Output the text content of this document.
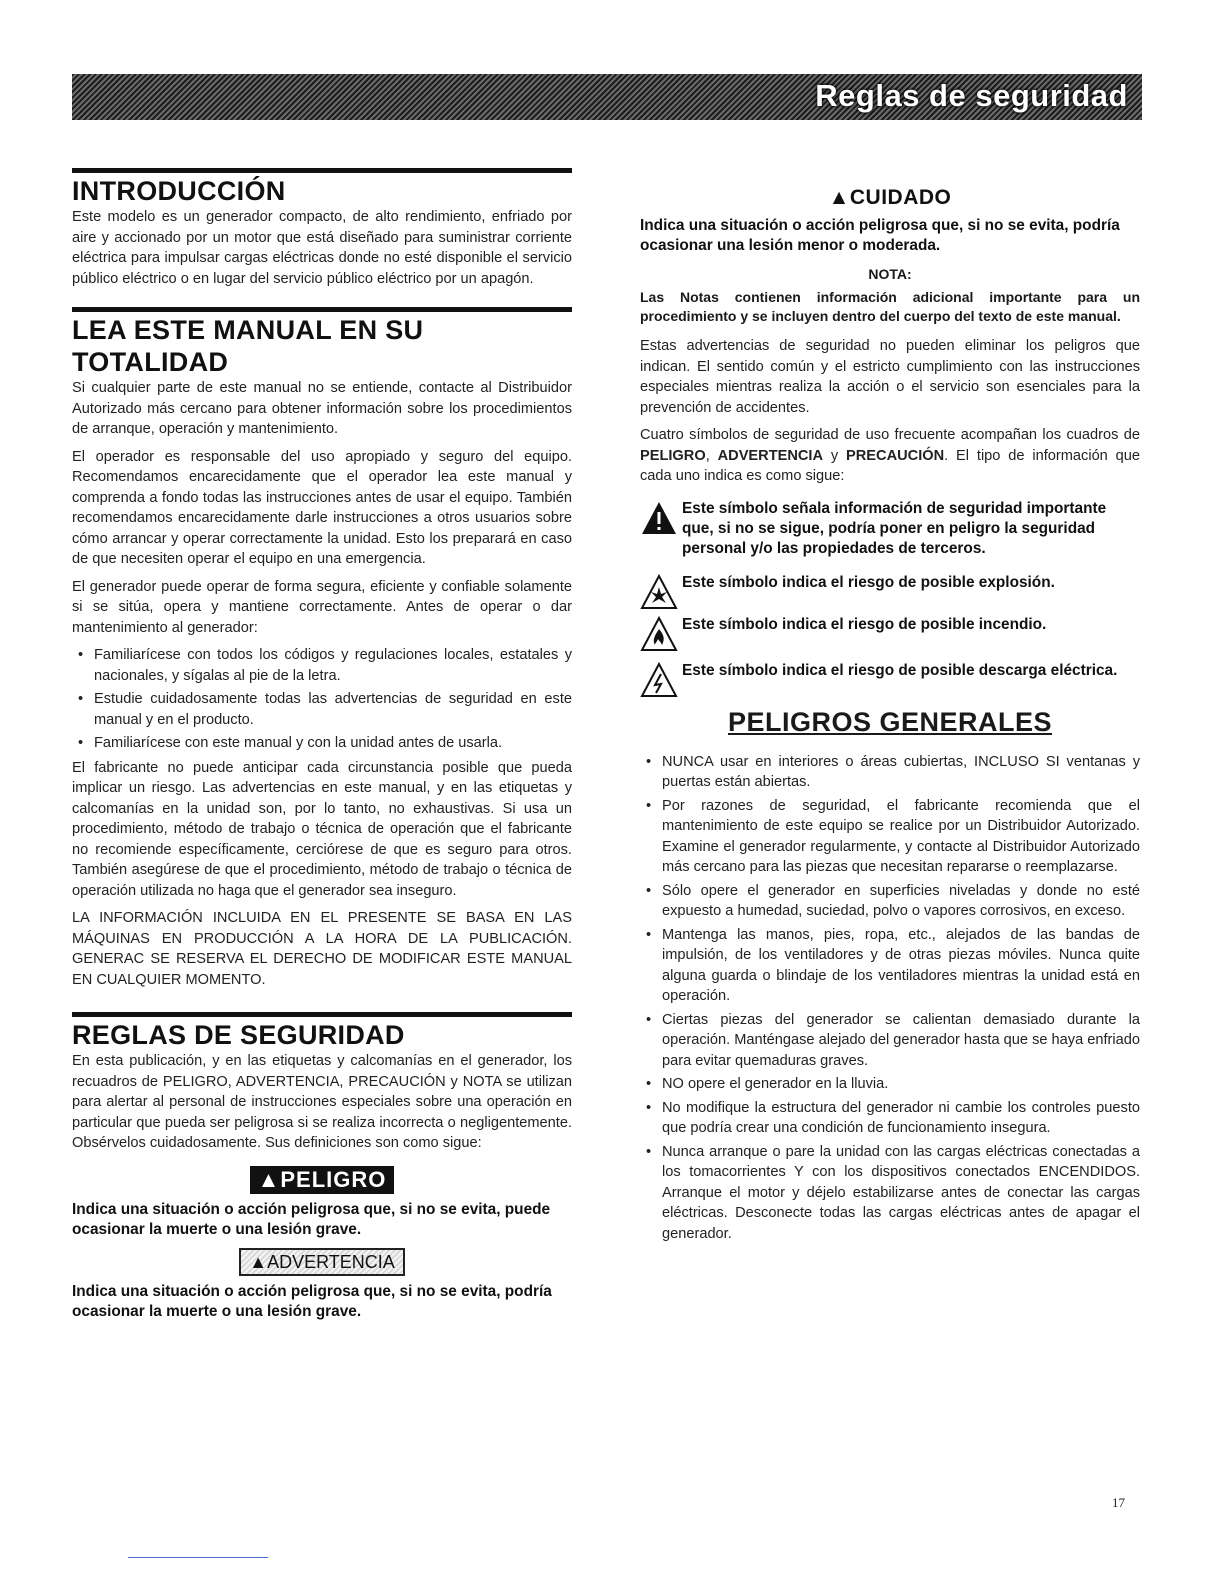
Reglas de seguridad
INTRODUCCIÓN

Este modelo es un generador compacto, de alto rendimiento, enfriado por aire y accionado por un motor que está diseñado para suministrar corriente eléctrica para impulsar cargas eléctricas donde no esté disponible el servicio público eléctrico o en lugar del servicio público eléctrico por un apagón.

LEA ESTE MANUAL EN SU TOTALIDAD

Si cualquier parte de este manual no se entiende, contacte al Distribuidor Autorizado más cercano para obtener información sobre los procedimientos de arranque, operación y mantenimiento.

El operador es responsable del uso apropiado y seguro del equipo. Recomendamos encarecidamente que el operador lea este manual y comprenda a fondo todas las instrucciones antes de usar el equipo. También recomendamos encarecidamente darle instrucciones a otros usuarios sobre cómo arrancar y operar correctamente la unidad. Esto los preparará en caso de que necesiten operar el equipo en una emergencia.

El generador puede operar de forma segura, eficiente y confiable solamente si se sitúa, opera y mantiene correctamente. Antes de operar o dar mantenimiento al generador:

• Familiarícese con todos los códigos y regulaciones locales, estatales y nacionales, y sígalas al pie de la letra.
• Estudie cuidadosamente todas las advertencias de seguridad en este manual y en el producto.
• Familiarícese con este manual y con la unidad antes de usarla.

El fabricante no puede anticipar cada circunstancia posible que pueda implicar un riesgo. Las advertencias en este manual, y en las etiquetas y calcomanías en la unidad son, por lo tanto, no exhaustivas. Si usa un procedimiento, método de trabajo o técnica de operación que el fabricante no recomiende específicamente, cerciórese de que es seguro para otros. También asegúrese de que el procedimiento, método de trabajo o técnica de operación utilizada no haga que el generador sea inseguro.

LA INFORMACIÓN INCLUIDA EN EL PRESENTE SE BASA EN LAS MÁQUINAS EN PRODUCCIÓN A LA HORA DE LA PUBLICACIÓN. GENERAC SE RESERVA EL DERECHO DE MODIFICAR ESTE MANUAL EN CUALQUIER MOMENTO.

REGLAS DE SEGURIDAD

En esta publicación, y en las etiquetas y calcomanías en el generador, los recuadros de PELIGRO, ADVERTENCIA, PRECAUCIÓN y NOTA se utilizan para alertar al personal de instrucciones especiales sobre una operación en particular que pueda ser peligrosa si se realiza incorrecta o negligentemente. Obsérvelos cuidadosamente. Sus definiciones son como sigue:

▲PELIGRO

Indica una situación o acción peligrosa que, si no se evita, puede ocasionar la muerte o una lesión grave.

▲ADVERTENCIA

Indica una situación o acción peligrosa que, si no se evita, podría ocasionar la muerte o una lesión grave.

▲CUIDADO

Indica una situación o acción peligrosa que, si no se evita, podría ocasionar una lesión menor o moderada.

NOTA:

Las Notas contienen información adicional importante para un procedimiento y se incluyen dentro del cuerpo del texto de este manual.

Estas advertencias de seguridad no pueden eliminar los peligros que indican. El sentido común y el estricto cumplimiento con las instrucciones especiales mientras realiza la acción o el servicio son esenciales para la prevención de accidentes.

Cuatro símbolos de seguridad de uso frecuente acompañan los cuadros de PELIGRO, ADVERTENCIA y PRECAUCIÓN. El tipo de información que cada uno indica es como sigue:

Este símbolo señala información de seguridad importante que, si no se sigue, podría poner en peligro la seguridad personal y/o las propiedades de terceros.
Este símbolo indica el riesgo de posible explosión.
Este símbolo indica el riesgo de posible incendio.
Este símbolo indica el riesgo de posible descarga eléctrica.
PELIGROS GENERALES
• NUNCA usar en interiores o áreas cubiertas, INCLUSO SI ventanas y puertas están abiertas.
• Por razones de seguridad, el fabricante recomienda que el mantenimiento de este equipo se realice por un Distribuidor Autorizado. Examine el generador regularmente, y contacte al Distribuidor Autorizado más cercano para las piezas que necesitan repararse o reemplazarse.
• Sólo opere el generador en superficies niveladas y donde no esté expuesto a humedad, suciedad, polvo o vapores corrosivos, en exceso.
• Mantenga las manos, pies, ropa, etc., alejados de las bandas de impulsión, de los ventiladores y de otras piezas móviles. Nunca quite alguna guarda o blindaje de los ventiladores mientras la unidad está en operación.
• Ciertas piezas del generador se calientan demasiado durante la operación. Manténgase alejado del generador hasta que se haya enfriado para evitar quemaduras graves.
• NO opere el generador en la lluvia.
• No modifique la estructura del generador ni cambie los controles puesto que podría crear una condición de funcionamiento insegura.
• Nunca arranque o pare la unidad con las cargas eléctricas conectadas a los tomacorrientes Y con los dispositivos conectados ENCENDIDOS. Arranque el motor y déjelo estabilizarse antes de conectar las cargas eléctricas. Desconecte todas las cargas eléctricas antes de apagar el generador.
17
